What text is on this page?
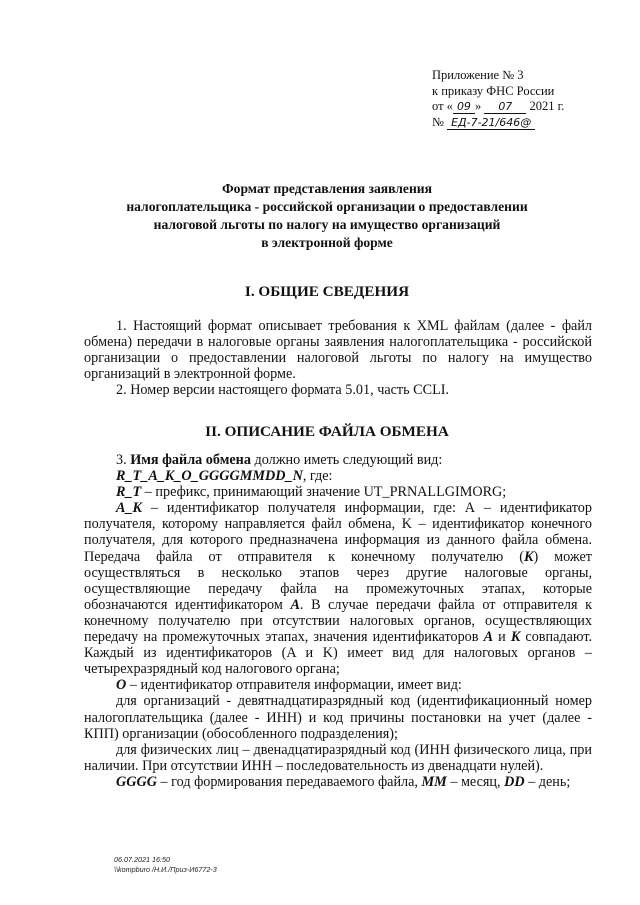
Приложение № 3
к приказу ФНС России
от « 09 » 07 2021 г.
№ ЕД-7-21/646@
Формат представления заявления
налогоплательщика - российской организации о предоставлении
налоговой льготы по налогу на имущество организаций
в электронной форме
I. ОБЩИЕ СВЕДЕНИЯ

1. Настоящий формат описывает требования к XML файлам (далее - файл обмена) передачи в налоговые органы заявления налогоплательщика - российской организации о предоставлении налоговой льготы по налогу на имущество организаций в электронной форме.

2. Номер версии настоящего формата 5.01, часть CCLI.

II. ОПИСАНИЕ ФАЙЛА ОБМЕНА

3. Имя файла обмена должно иметь следующий вид:

R_T_A_K_O_GGGGMMDD_N, где:

R_T – префикс, принимающий значение UT_PRNALLGIMORG;

A_K – идентификатор получателя информации, где: А – идентификатор получателя, которому направляется файл обмена, K – идентификатор конечного получателя, для которого предназначена информация из данного файла обмена. Передача файла от отправителя к конечному получателю (K) может осуществляться в несколько этапов через другие налоговые органы, осуществляющие передачу файла на промежуточных этапах, которые обозначаются идентификатором A. В случае передачи файла от отправителя к конечному получателю при отсутствии налоговых органов, осуществляющих передачу на промежуточных этапах, значения идентификаторов A и K совпадают. Каждый из идентификаторов (A и K) имеет вид для налоговых органов – четырехразрядный код налогового органа;

O – идентификатор отправителя информации, имеет вид:

для организаций - девятнадцатиразрядный код (идентификационный номер налогоплательщика (далее - ИНН) и код причины постановки на учет (далее - КПП) организации (обособленного подразделения);

для физических лиц – двенадцатиразрядный код (ИНН физического лица, при наличии. При отсутствии ИНН – последовательность из двенадцати нулей).

GGGG – год формирования передаваемого файла, MM – месяц, DD – день;

06.07.2021 16:50
\\kompburo /Н.И./Приз-И6772-3
